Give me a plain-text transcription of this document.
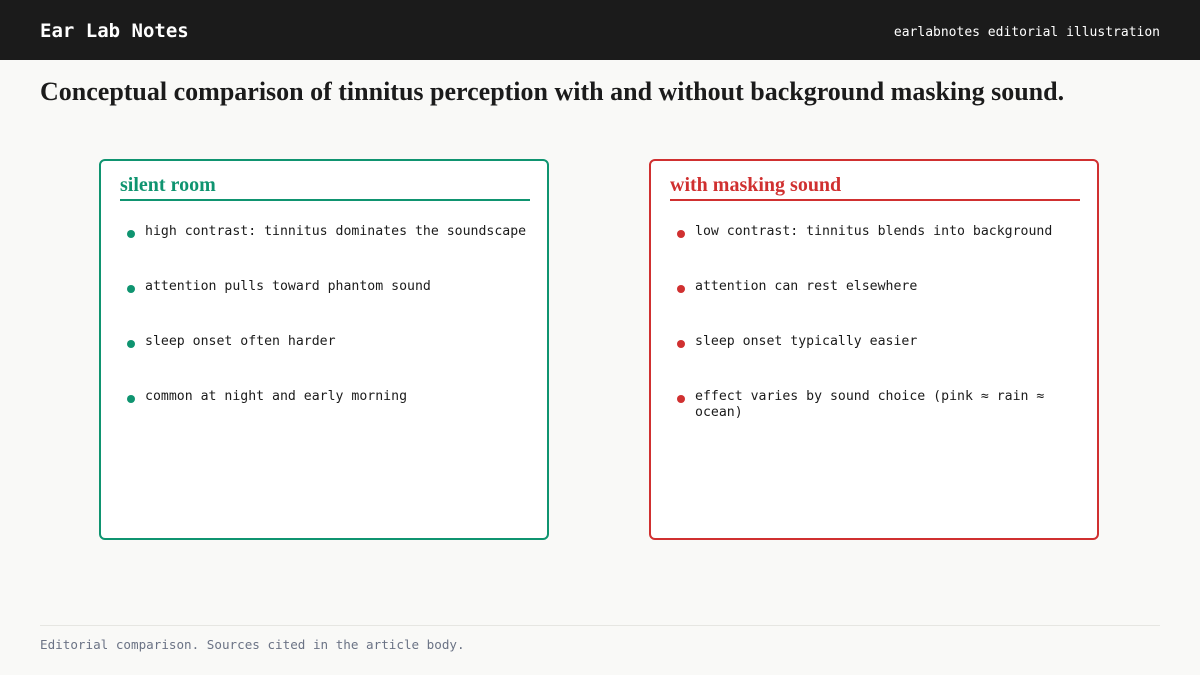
Ear Lab Notes	earlabnotes editorial illustration
Conceptual comparison of tinnitus perception with and without background masking sound.
silent room
high contrast: tinnitus dominates the soundscape
attention pulls toward phantom sound
sleep onset often harder
common at night and early morning
with masking sound
low contrast: tinnitus blends into background
attention can rest elsewhere
sleep onset typically easier
effect varies by sound choice (pink ≈ rain ≈ ocean)
Editorial comparison. Sources cited in the article body.
